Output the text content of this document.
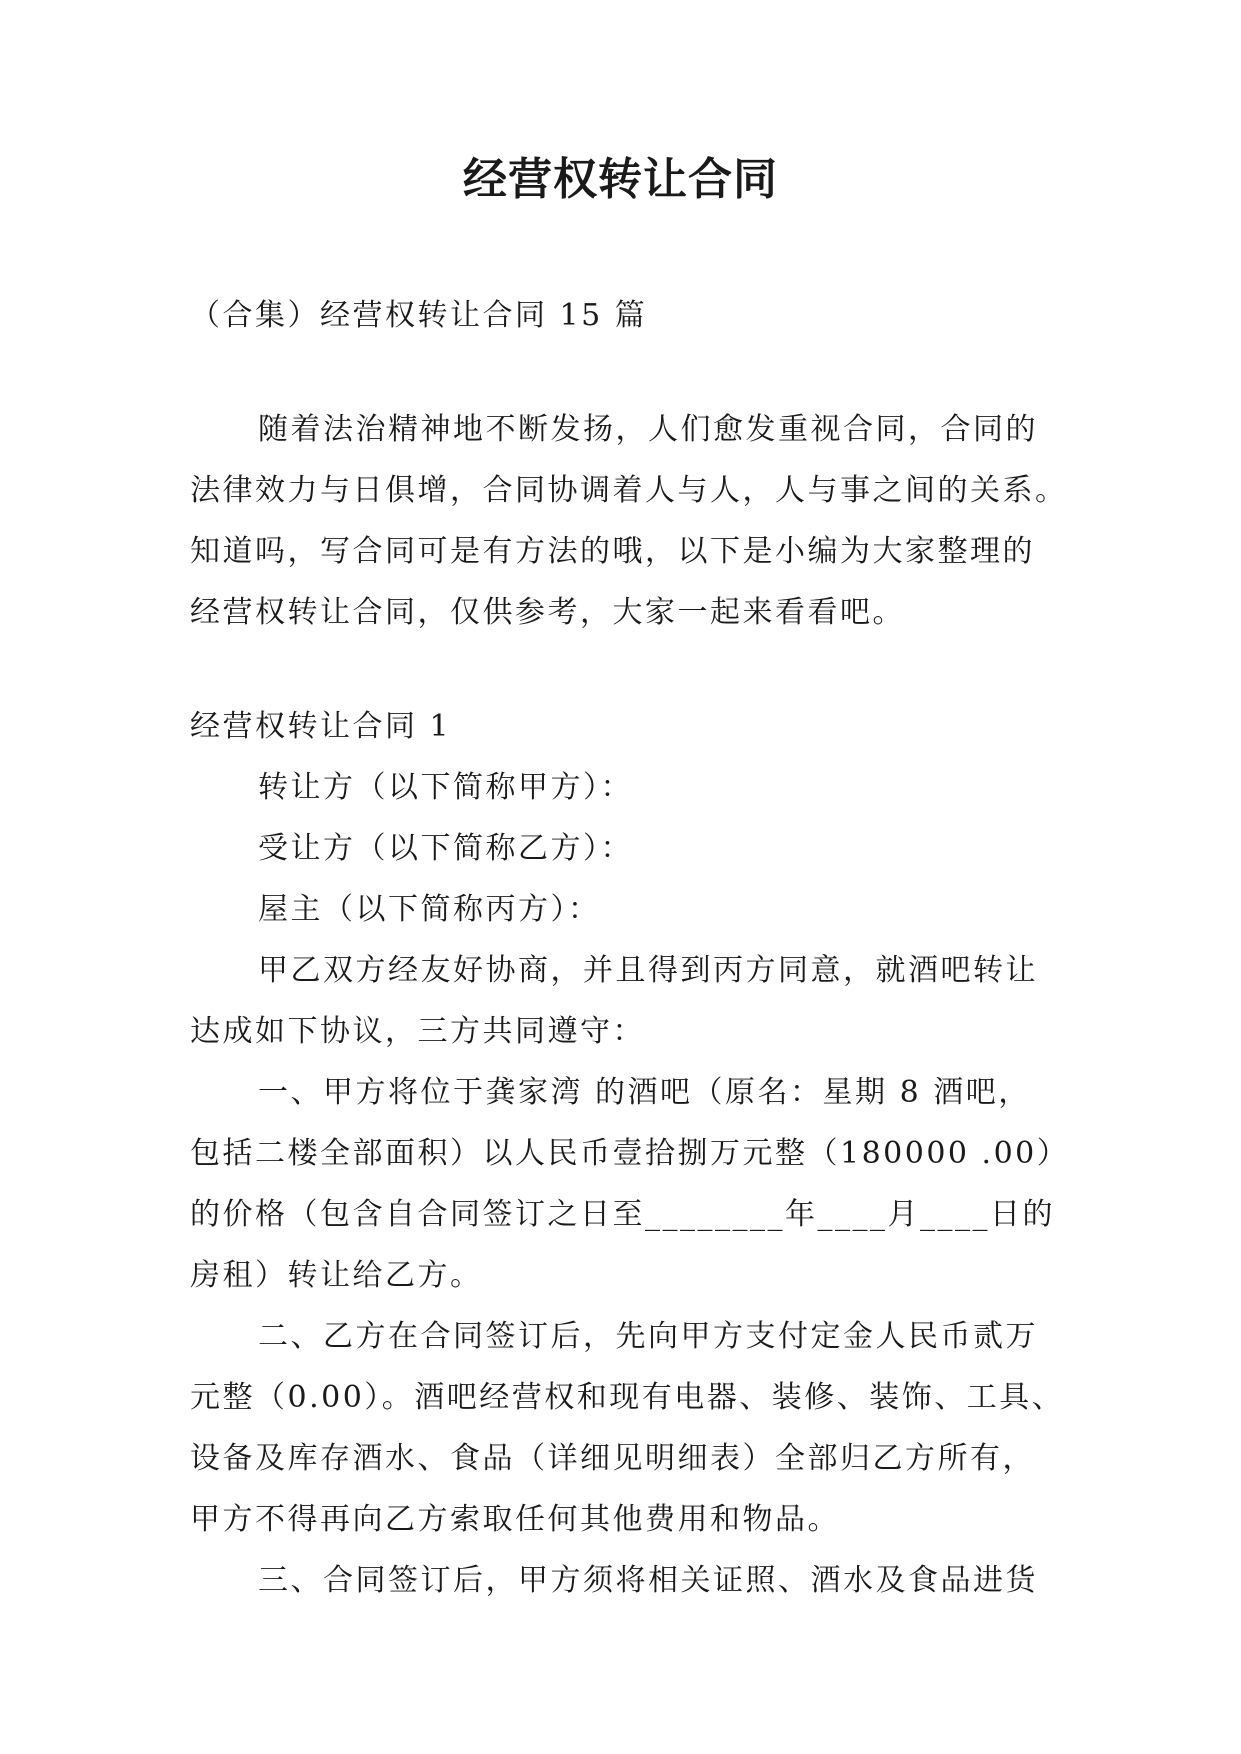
经营权转让合同

（合集）经营权转让合同 15 篇

随着法治精神地不断发扬，人们愈发重视合同，合同的

法律效力与日俱增，合同协调着人与人，人与事之间的关系。

知道吗，写合同可是有方法的哦，以下是小编为大家整理的

经营权转让合同，仅供参考，大家一起来看看吧。

经营权转让合同 1

转让方（以下简称甲方）：

受让方（以下简称乙方）：

屋主（以下简称丙方）：

甲乙双方经友好协商，并且得到丙方同意，就酒吧转让

达成如下协议，三方共同遵守：

一、甲方将位于龚家湾 的酒吧（原名：星期 8 酒吧，

包括二楼全部面积）以人民币壹拾捌万元整（180000 .00）

的价格（包含自合同签订之日至________年____月____日的

房租）转让给乙方。

二、乙方在合同签订后，先向甲方支付定金人民币贰万

元整（0.00）。酒吧经营权和现有电器、装修、装饰、工具、

设备及库存酒水、食品（详细见明细表）全部归乙方所有，

甲方不得再向乙方索取任何其他费用和物品。

三、合同签订后，甲方须将相关证照、酒水及食品进货
